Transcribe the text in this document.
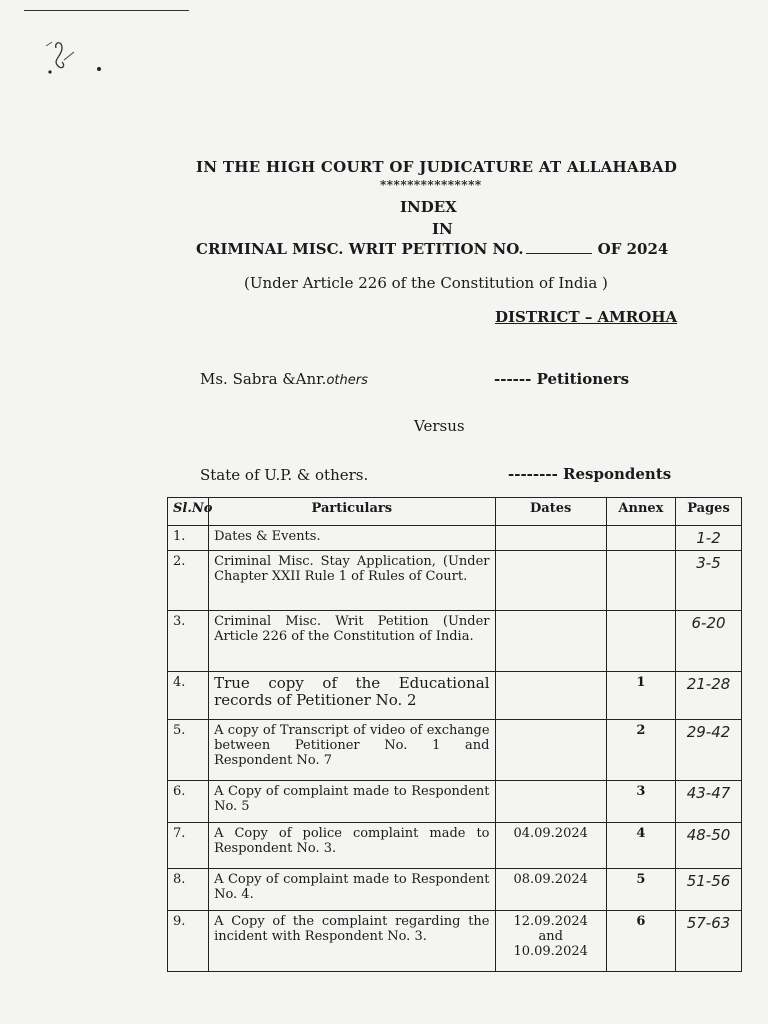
IN THE HIGH COURT OF JUDICATURE AT ALLAHABAD
***************
INDEX
IN
CRIMINAL MISC. WRIT PETITION NO.	OF 2024
(Under Article 226 of the Constitution of India )
DISTRICT – AMROHA
Ms. Sabra &Anr.others	------ Petitioners
Versus
State of U.P. & others.	-------- Respondents
Sl.No	Particulars	Dates	Annex	Pages
1.	Dates & Events.			1-2
2.	Criminal Misc. Stay Application, (Under Chapter XXII Rule 1 of Rules of Court.			3-5
3.	Criminal Misc. Writ Petition (Under Article 226 of the Constitution of India.			6-20
4.	True copy of the Educational records of Petitioner No. 2		1	21-28
5.	A copy of Transcript of video of exchange between Petitioner No. 1 and Respondent No. 7		2	29-42
6.	A Copy of complaint made to Respondent No. 5		3	43-47
7.	A Copy of police complaint made to Respondent No. 3.	04.09.2024	4	48-50
8.	A Copy of complaint made to Respondent No. 4.	08.09.2024	5	51-56
9.	A Copy of the complaint regarding the incident with Respondent No. 3.	12.09.2024 and 10.09.2024	6	57-63
